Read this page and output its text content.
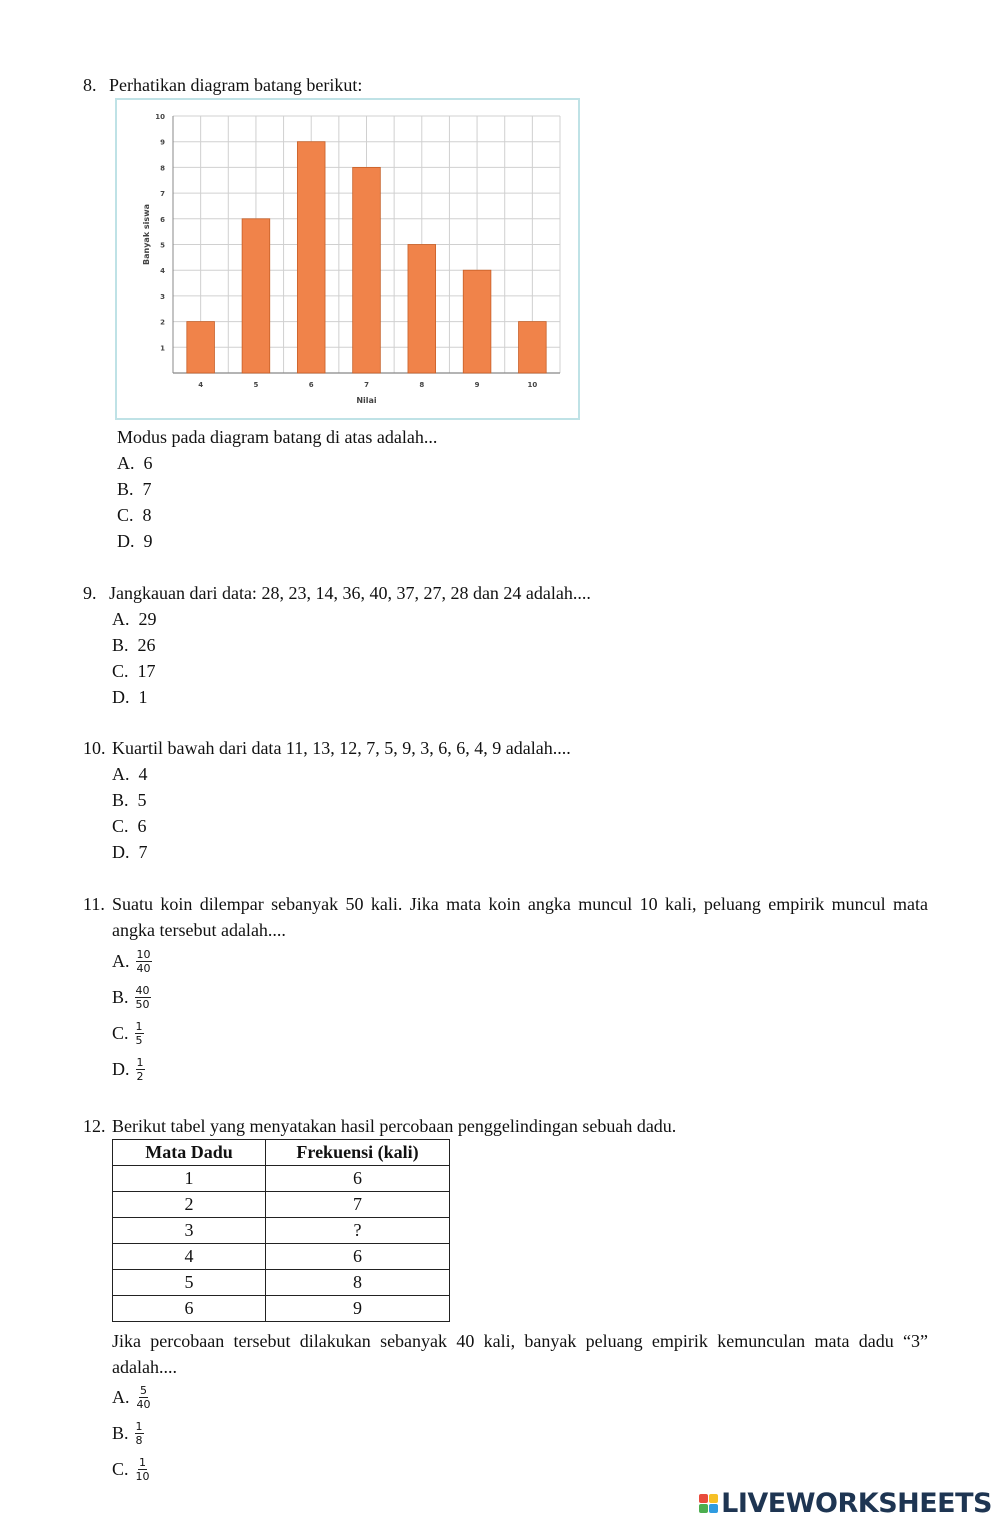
8. Perhatikan diagram batang berikut:
1
2
3
4
5
6
7
8
9
10
4	5	6	7	8	9	10
Nilai
Banyak siswa
Modus pada diagram batang di atas adalah...
A. 6
B. 7
C. 8
D. 9
9. Jangkauan dari data: 28, 23, 14, 36, 40, 37, 27, 28 dan 24 adalah....
A. 29
B. 26
C. 17
D. 1
10. Kuartil bawah dari data 11, 13, 12, 7, 5, 9, 3, 6, 6, 4, 9 adalah....
A. 4
B. 5
C. 6
D. 7
11. Suatu koin dilempar sebanyak 50 kali. Jika mata koin angka muncul 10 kali, peluang empirik muncul mata angka tersebut adalah....
A. $\frac{10}{40}$
B. $\frac{40}{50}$
C. $\frac{1}{5}$
D. $\frac{1}{2}$
12. Berikut tabel yang menyatakan hasil percobaan penggelindingan sebuah dadu.
Mata Dadu	Frekuensi (kali)
1	6
2	7
3	?
4	6
5	8
6	9
Jika percobaan tersebut dilakukan sebanyak 40 kali, banyak peluang empirik kemunculan mata dadu “3” adalah....
A. $\frac{5}{40}$
B. $\frac{1}{8}$
C. $\frac{1}{10}$
LIVEWORKSHEETS
